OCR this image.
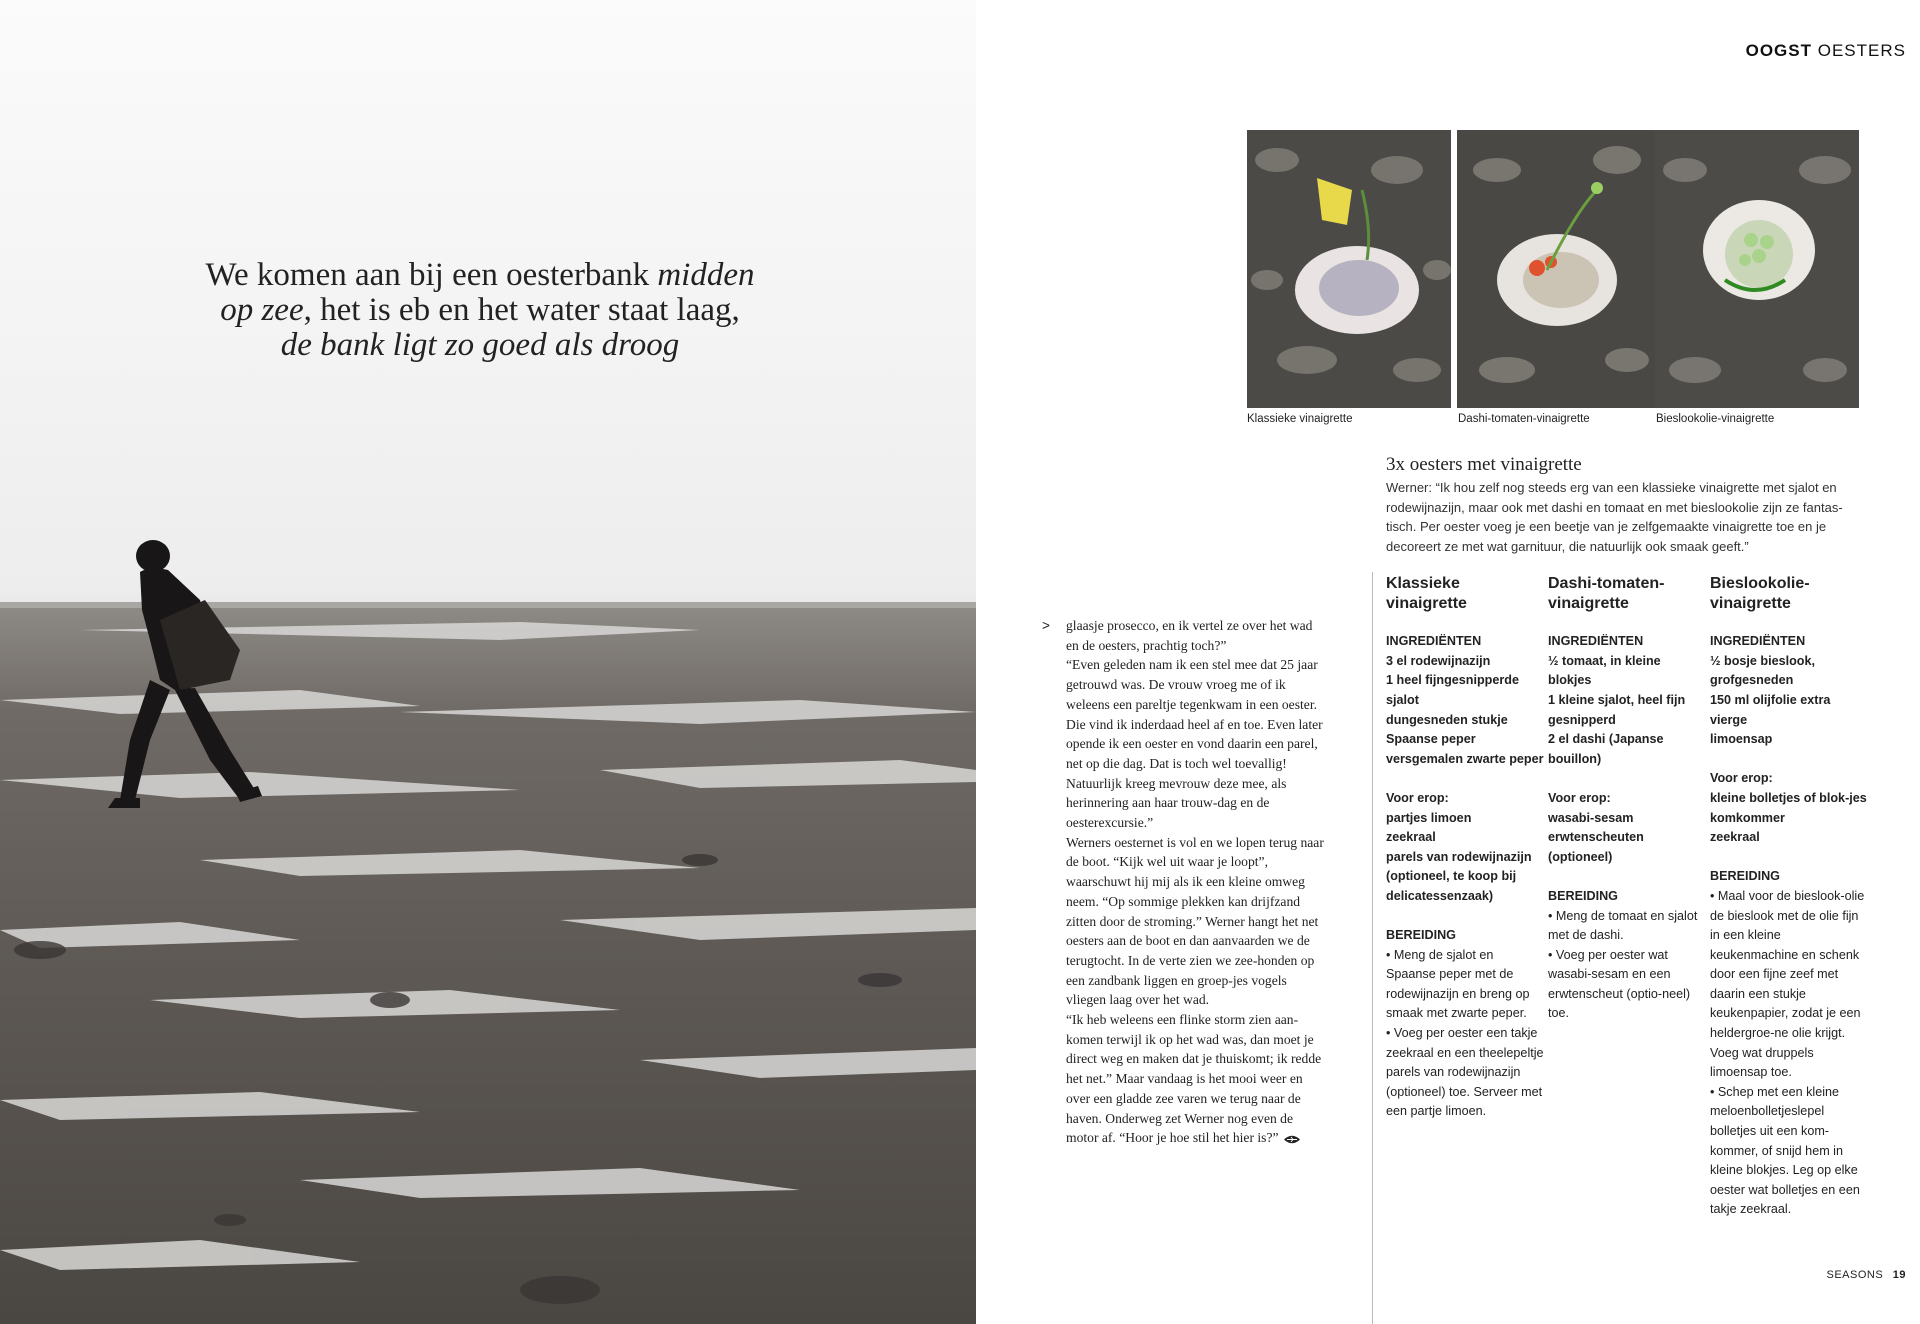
We komen aan bij een oesterbank midden
op zee, het is eb en het water staat laag,
de bank ligt zo goed als droog
OOGST OESTERS
Klassieke vinaigrette	Dashi-tomaten-vinaigrette	Bieslookolie-vinaigrette
3x oesters met vinaigrette
Werner: “Ik hou zelf nog steeds erg van een klassieke vinaigrette met sjalot en rodewijnazijn, maar ook met dashi en tomaat en met bieslookolie zijn ze fantas-tisch. Per oester voeg je een beetje van je zelfgemaakte vinaigrette toe en je decoreert ze met wat garnituur, die natuurlijk ook smaak geeft.”
> glaasje prosecco, en ik vertel ze over het wad en de oesters, prachtig toch?”

“Even geleden nam ik een stel mee dat 25 jaar getrouwd was. De vrouw vroeg me of ik weleens een pareltje tegenkwam in een oester. Die vind ik inderdaad heel af en toe. Even later opende ik een oester en vond daarin een parel, net op die dag. Dat is toch wel toevallig! Natuurlijk kreeg mevrouw deze mee, als herinnering aan haar trouw-dag en de oesterexcursie.”

Werners oesternet is vol en we lopen terug naar de boot. “Kijk wel uit waar je loopt”, waarschuwt hij mij als ik een kleine omweg neem. “Op sommige plekken kan drijfzand zitten door de stroming.” Werner hangt het net oesters aan de boot en dan aanvaarden we de terugtocht. In de verte zien we zee-honden op een zandbank liggen en groep-jes vogels vliegen laag over het wad.

“Ik heb weleens een flinke storm zien aan-komen terwijl ik op het wad was, dan moet je direct weg en maken dat je thuiskomt; ik redde het net.” Maar vandaag is het mooi weer en over een gladde zee varen we terug naar de haven. Onderweg zet Werner nog even de motor af. “Hoor je hoe stil het hier is?”

Klassieke vinaigrette
INGREDIËNTEN
3 el rodewijnazijn
1 heel fijngesnipperde sjalot
dungesneden stukje Spaanse peper
versgemalen zwarte peper
Voor erop:
partjes limoen
zeekraal
parels van rodewijnazijn (optioneel, te koop bij delicatessenzaak)
BEREIDING
• Meng de sjalot en Spaanse peper met de rodewijnazijn en breng op smaak met zwarte peper.
• Voeg per oester een takje zeekraal en een theelepeltje parels van rodewijnazijn (optioneel) toe. Serveer met een partje limoen.
Dashi-tomaten-vinaigrette
INGREDIËNTEN
½ tomaat, in kleine blokjes
1 kleine sjalot, heel fijn gesnipperd
2 el dashi (Japanse bouillon)
Voor erop:
wasabi-sesam
erwtenscheuten (optioneel)
BEREIDING
• Meng de tomaat en sjalot met de dashi.
• Voeg per oester wat wasabi-sesam en een erwtenscheut (optio-neel) toe.
Bieslookolie-vinaigrette
INGREDIËNTEN
½ bosje bieslook, grofgesneden
150 ml olijfolie extra vierge
limoensap
Voor erop:
kleine bolletjes of blok-jes komkommer
zeekraal
BEREIDING
• Maal voor de bieslook-olie de bieslook met de olie fijn in een kleine keukenmachine en schenk door een fijne zeef met daarin een stukje keukenpapier, zodat je een heldergroe-ne olie krijgt. Voeg wat druppels limoensap toe.
• Schep met een kleine meloenbolletjeslepel bolletjes uit een kom-kommer, of snijd hem in kleine blokjes. Leg op elke oester wat bolletjes en een takje zeekraal.
SEASONS 19
